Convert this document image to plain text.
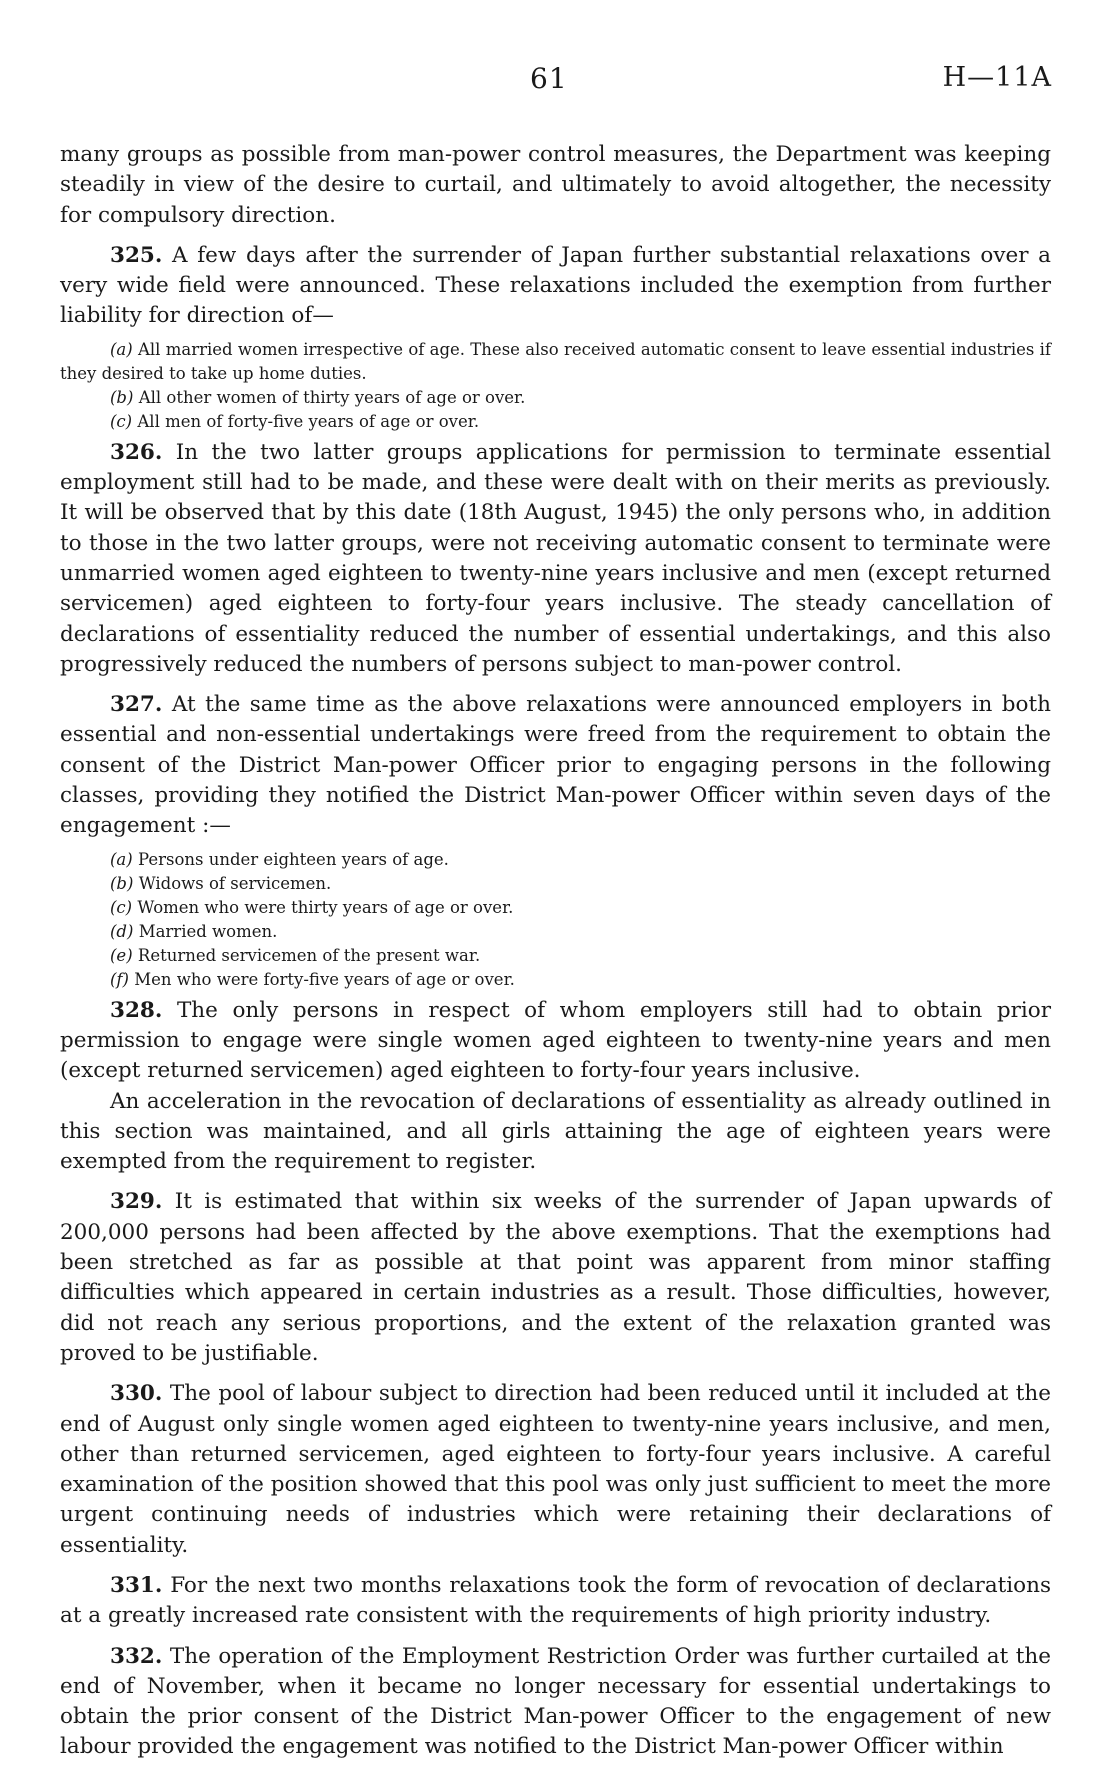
61	H—11A

many groups as possible from man-power control measures, the Department was keeping steadily in view of the desire to curtail, and ultimately to avoid altogether, the necessity for compulsory direction.

325. A few days after the surrender of Japan further substantial relaxations over a very wide field were announced. These relaxations included the exemption from further liability for direction of—

(a) All married women irrespective of age. These also received automatic consent to leave essential industries if they desired to take up home duties.
(b) All other women of thirty years of age or over.
(c) All men of forty-five years of age or over.

326. In the two latter groups applications for permission to terminate essential employment still had to be made, and these were dealt with on their merits as previously. It will be observed that by this date (18th August, 1945) the only persons who, in addition to those in the two latter groups, were not receiving automatic consent to terminate were unmarried women aged eighteen to twenty-nine years inclusive and men (except returned servicemen) aged eighteen to forty-four years inclusive. The steady cancellation of declarations of essentiality reduced the number of essential undertakings, and this also progressively reduced the numbers of persons subject to man-power control.

327. At the same time as the above relaxations were announced employers in both essential and non-essential undertakings were freed from the requirement to obtain the consent of the District Man-power Officer prior to engaging persons in the following classes, providing they notified the District Man-power Officer within seven days of the engagement :—

(a) Persons under eighteen years of age.
(b) Widows of servicemen.
(c) Women who were thirty years of age or over.
(d) Married women.
(e) Returned servicemen of the present war.
(f) Men who were forty-five years of age or over.

328. The only persons in respect of whom employers still had to obtain prior permission to engage were single women aged eighteen to twenty-nine years and men (except returned servicemen) aged eighteen to forty-four years inclusive.

An acceleration in the revocation of declarations of essentiality as already outlined in this section was maintained, and all girls attaining the age of eighteen years were exempted from the requirement to register.

329. It is estimated that within six weeks of the surrender of Japan upwards of 200,000 persons had been affected by the above exemptions. That the exemptions had been stretched as far as possible at that point was apparent from minor staffing difficulties which appeared in certain industries as a result. Those difficulties, however, did not reach any serious proportions, and the extent of the relaxation granted was proved to be justifiable.

330. The pool of labour subject to direction had been reduced until it included at the end of August only single women aged eighteen to twenty-nine years inclusive, and men, other than returned servicemen, aged eighteen to forty-four years inclusive. A careful examination of the position showed that this pool was only just sufficient to meet the more urgent continuing needs of industries which were retaining their declarations of essentiality.

331. For the next two months relaxations took the form of revocation of declarations at a greatly increased rate consistent with the requirements of high priority industry.

332. The operation of the Employment Restriction Order was further curtailed at the end of November, when it became no longer necessary for essential undertakings to obtain the prior consent of the District Man-power Officer to the engagement of new labour provided the engagement was notified to the District Man-power Officer within
